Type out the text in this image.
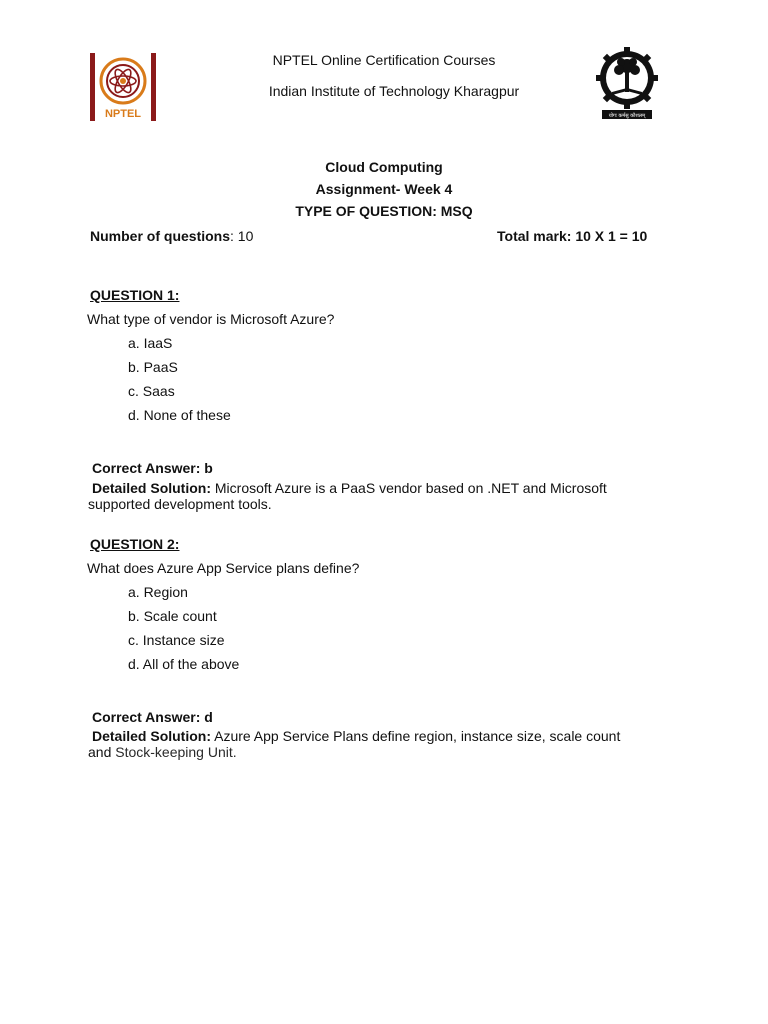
NPTEL
NPTEL Online Certification Courses
Indian Institute of Technology Kharagpur
योगः कर्मसु कौशलम्
Cloud Computing
Assignment- Week 4
TYPE OF QUESTION: MSQ
Number of questions: 10	Total mark: 10 X 1 = 10
QUESTION 1:
What type of vendor is Microsoft Azure?
a. IaaS
b. PaaS
c. Saas
d. None of these
Correct Answer: b
Detailed Solution: Microsoft Azure is a PaaS vendor based on .NET and Microsoft supported development tools.
QUESTION 2:
What does Azure App Service plans define?
a. Region
b. Scale count
c. Instance size
d. All of the above
Correct Answer: d
Detailed Solution: Azure App Service Plans define region, instance size, scale count and Stock-keeping Unit.
